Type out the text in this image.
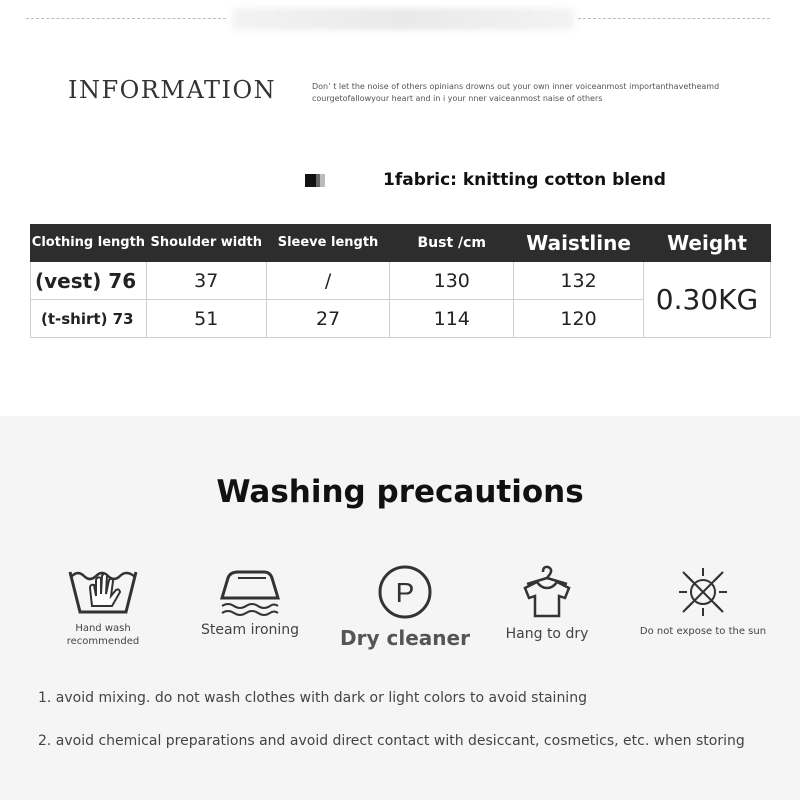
INFORMATION	Don’ t let the noise of others opinians drowns out your own inner voiceanmost importanthavetheamd courgetofallowyour heart and in i your nner vaiceanmost naise of others
1fabric: knitting cotton blend
Clothing length	Shoulder width	Sleeve length	Bust /cm	Waistline	Weight
(vest) 76	37	/	130	132	0.30KG
(t-shirt) 73	51	27	114	120	
Washing precautions
Hand wash recommended
Steam ironing
P
Dry cleaner	Hang to dry	Do not expose to the sun
1. avoid mixing. do not wash clothes with dark or light colors to avoid staining
2. avoid chemical preparations and avoid direct contact with desiccant, cosmetics, etc. when storing
